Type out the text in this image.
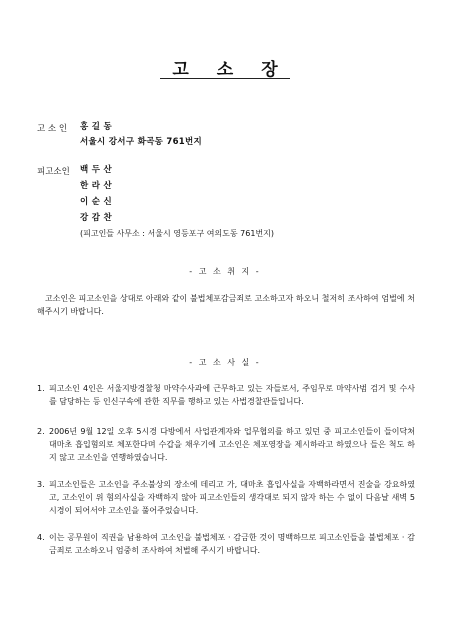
고 소 장
고 소 인 홍 길 동
서울시 강서구 화곡동 761번지
피고소인 백 두 산
한 라 산
이 순 신
강 감 찬
(피고인들 사무소 : 서울시 영등포구 여의도동 761번지)
- 고 소 취 지 -
고소인은 피고소인을 상대로 아래와 같이 불법체포감금죄로 고소하고자 하오니 철저히 조사하여 엄벌에 처해주시기 바랍니다.
- 고 소 사 실 -
1. 피고소인 4인은 서울지방경찰청 마약수사과에 근무하고 있는 자들로서, 주임무로 마약사범 검거 및 수사를 담당하는 등 인신구속에 관한 직무를 행하고 있는 사법경찰관들입니다.
2. 2006년 9월 12일 오후 5시경 다방에서 사업관계자와 업무협의를 하고 있던 중 피고소인들이 들이닥쳐 대마초 흡입혐의로 체포한다며 수갑을 채우기에 고소인은 체포영장을 제시하라고 하였으나 들은 척도 하지 않고 고소인을 연행하였습니다.
3. 피고소인들은 고소인을 주소불상의 장소에 데리고 가, 대마초 흡입사실을 자백하라면서 진술을 강요하였고, 고소인이 위 혐의사실을 자백하지 않아 피고소인들의 생각대로 되지 않자 하는 수 없이 다음날 새벽 5시경이 되어서야 고소인을 풀어주었습니다.
4. 이는 공무원이 직권을 남용하여 고소인을 불법체포 · 감금한 것이 명백하므로 피고소인들을 불법체포 · 감금죄로 고소하오니 엄중히 조사하여 처벌해 주시기 바랍니다.
